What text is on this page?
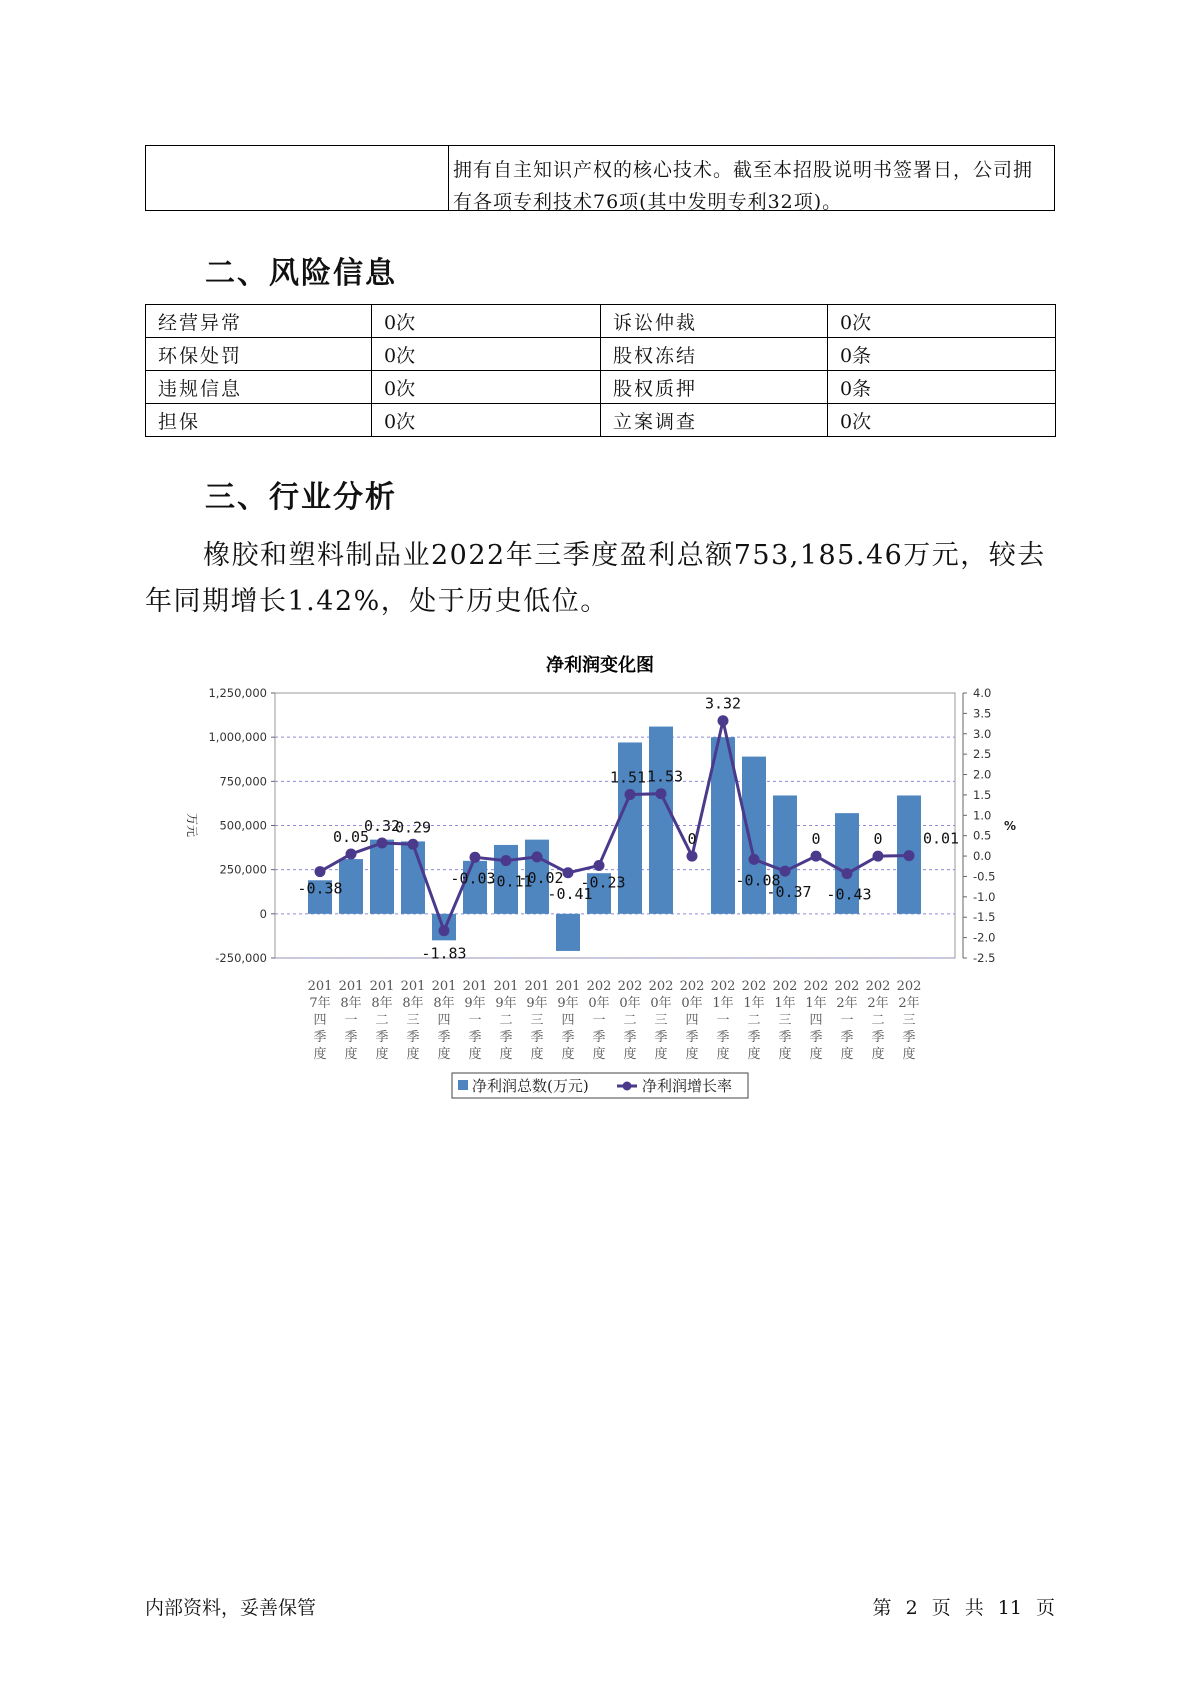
拥有自主知识产权的核心技术。截至本招股说明书签署日，公司拥有各项专利技术76项(其中发明专利32项)。
二、风险信息
经营异常	0次	诉讼仲裁	0次
环保处罚	0次	股权冻结	0条
违规信息	0次	股权质押	0条
担保	0次	立案调查	0次
三、行业分析
橡胶和塑料制品业2022年三季度盈利总额753,185.46万元，较去年同期增长1.42%，处于历史低位。
净利润变化图
1,250,000
1,000,000
750,000
500,000
250,000
0
-250,000
4.0
3.5
3.0
2.5
2.0
1.5
1.0
0.5
0.0
-0.5
-1.0
-1.5
-2.0
-2.5
万元	%
-0.38
0.05
0.32
0.29
-1.83
-0.03
-0.11
-0.02
-0.41
-0.23
1.51 1.53
0
3.32
-0.08
-0.37
0
-0.43
0	0.01
201
7年
四
季
度
201
8年
一
季
度
201
8年
二
季
度
201
8年
三
季
度
201
8年
四
季
度
201
9年
一
季
度
201
9年
二
季
度
201
9年
三
季
度
201
9年
四
季
度
202
0年
一
季
度
202
0年
二
季
度
202
0年
三
季
度
202
0年
四
季
度
202
1年
一
季
度
202
1年
二
季
度
202
1年
三
季
度
202
1年
四
季
度
202
2年
一
季
度
202
2年
二
季
度
202
2年
三
季
度
净利润总数(万元)	净利润增长率
内部资料，妥善保管	第 2 页 共 11 页
